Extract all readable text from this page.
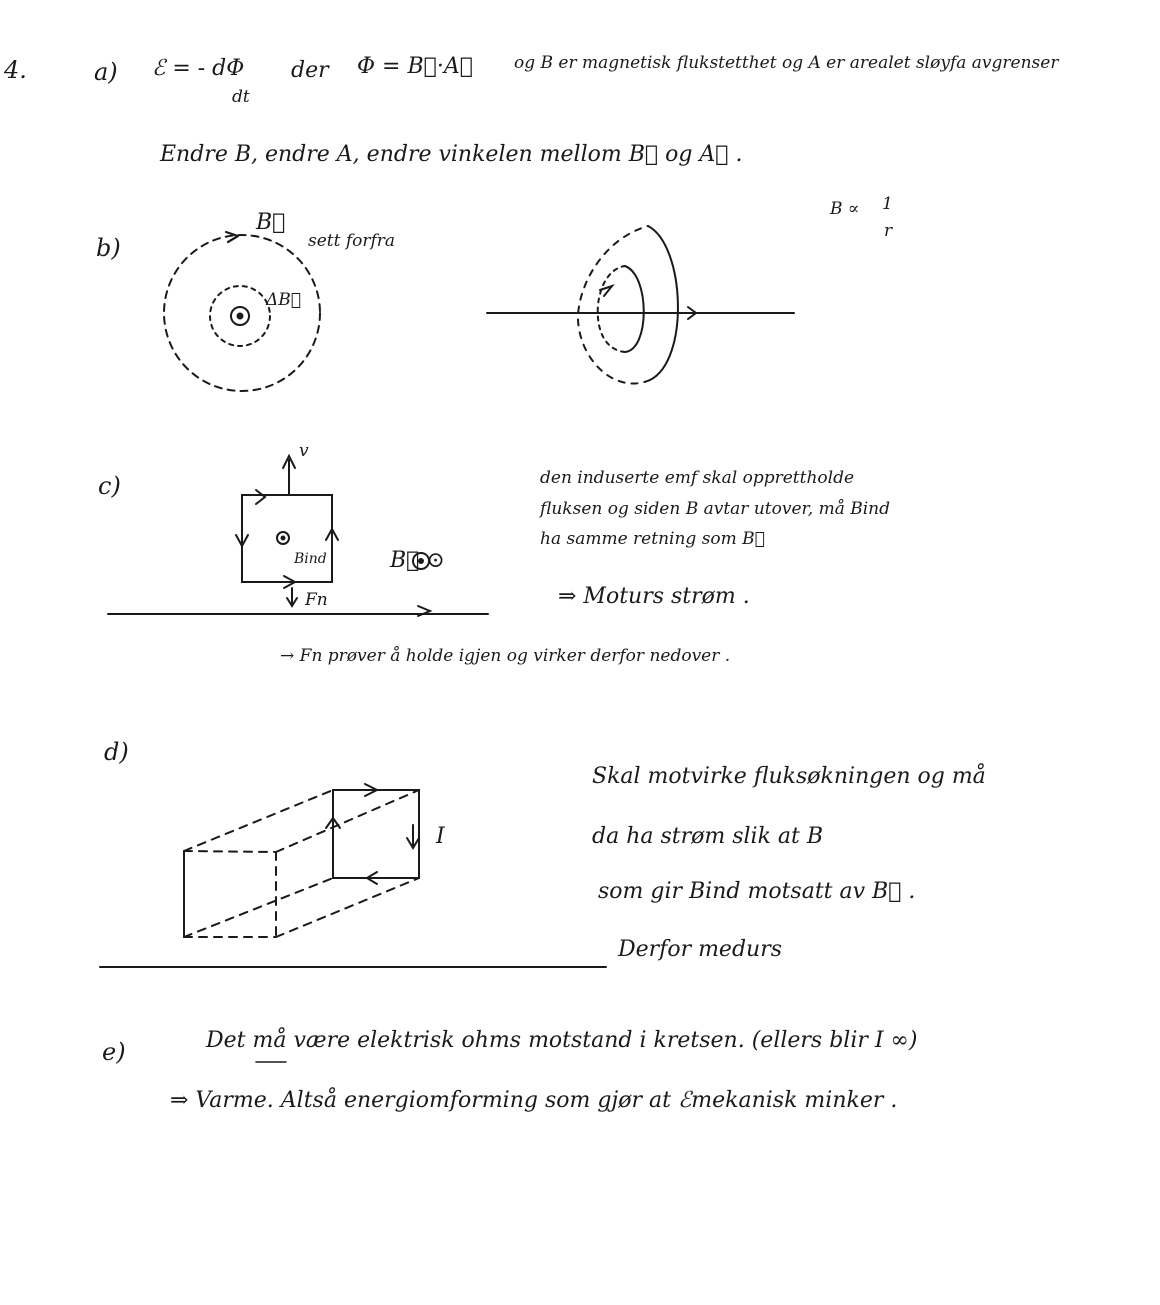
4.	a) ℰ = - dΦ
dt
der Φ = B⃗·A⃗ og B er magnetisk flukstetthet og A er arealet sløyfa avgrenser
Endre B, endre A, endre vinkelen mellom B⃗ og A⃗ .
b)
B ∝ 1
r
B⃗
ΔB⃗
sett forfra
c)
v
Bind
Fn
B⃗ ⊙
den induserte emf skal opprettholde
fluksen og siden B avtar utover, må Bind
ha samme retning som B⃗
⇒ Moturs strøm .
→ Fn prøver å holde igjen og virker derfor nedover .
d)
I
Skal motvirke fluksøkningen og må
da ha strøm slik at B
som gir Bind motsatt av B⃗ .
Derfor medurs
e)	Det må være elektrisk ohms motstand i kretsen. (ellers blir I ∞)
⇒ Varme. Altså energiomforming som gjør at ℰmekanisk minker .
